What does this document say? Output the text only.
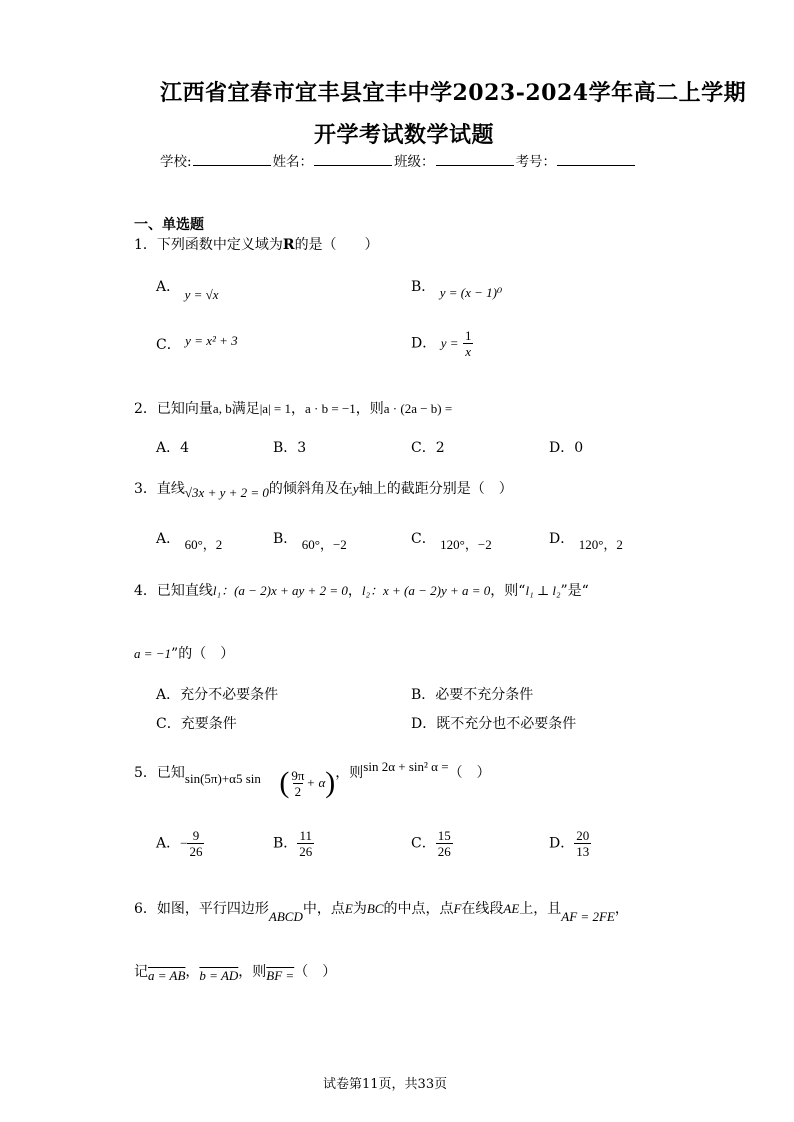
江西省宜春市宜丰县宜丰中学2023-2024学年高二上学期
开学考试数学试题
学校:	姓名：	班级：	考号：
一、单选题
1．下列函数中定义域为R的是（　　）
A． y = √x	B． y = (x − 1)⁰
C． y = x² + 3	D． $y = \frac{1}{x}$
2．已知向量a, b满足|a| = 1，a · b = −1，则a · (2a − b) =
A．4	B．3	C．2	D．0
3．直线√3x + y + 2 = 0的倾斜角及在y轴上的截距分别是（　）
A． 60°，2	B． 60°，−2	C． 120°，−2	D． 120°，2
4．已知直线l₁：(a − 2)x + ay + 2 = 0，l₂：x + (a − 2)y + a = 0，则“l₁ ⊥ l₂”是“
a = −1”的（　）
A．充分不必要条件	B．必要不充分条件
C．充要条件	D．既不充分也不必要条件
5．已知sin(5π)+α5 sin ( $\frac{9\pi}{2} + \alpha$)，则sin 2α + sin² α =（　）
A．− $\frac{9}{26}$	B． $\frac{11}{26}$	C． $\frac{15}{26}$	D． $\frac{20}{13}$
6．如图，平行四边形ABCD中，点E为BC的中点，点F在线段AE上，且AF = 2FE，
记a = AB，b = AD，则BF =（　）
试卷第11页，共33页
